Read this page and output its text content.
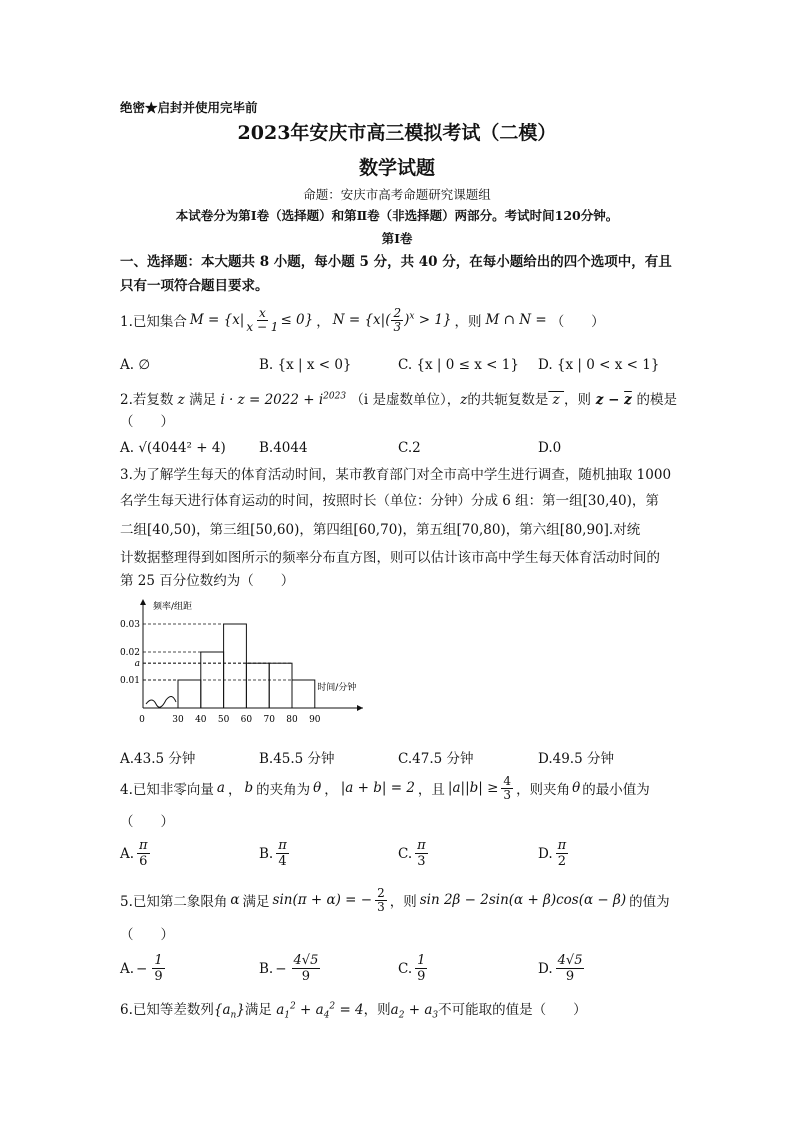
绝密★启封并使用完毕前
2023年安庆市高三模拟考试（二模）
数学试题
命题：安庆市高考命题研究课题组
本试卷分为第Ⅰ卷（选择题）和第Ⅱ卷（非选择题）两部分。考试时间120分钟。
第Ⅰ卷
一、选择题：本大题共 8 小题，每小题 5 分，共 40 分，在每小题给出的四个选项中，有且
只有一项符合题目要求。
1.已知集合 $M = \{x| \frac{x}{x - 1} \le 0\}$ ， $N = \{x|( \frac{2}{3} )^x > 1\}$ ，则 M ∩ N = （　　）
A. ∅	B. {x | x < 0}	C. {x | 0 ≤ x < 1} D. {x | 0 < x < 1}
2.若复数 z 满足 $i \cdot z = 2022 + i^{2023}$ （i 是虚数单位），z的共轭复数是 z ，则 $z - \overline{z}$ 的模是
（　　）
A. √(4044² + 4) B.4044	C.2	D.0
3.为了解学生每天的体育活动时间，某市教育部门对全市高中学生进行调查，随机抽取 1000
名学生每天进行体育运动的时间，按照时长（单位：分钟）分成 6 组：第一组[30,40)，第
二组[40,50)，第三组[50,60)，第四组[60,70)，第五组[70,80)，第六组[80,90].对统
计数据整理得到如图所示的频率分布直方图，则可以估计该市高中学生每天体育活动时间的
第 25 百分位数约为（　　）
0.03
0.02
a
0.01
0	30 40 50 60 70 80 90
频率/组距
时间/分钟
A.43.5 分钟	B.45.5 分钟	C.47.5 分钟	D.49.5 分钟
4.已知非零向量 a ， b 的夹角为 θ ， |a + b| = 2 ，且 |a||b| ≥ 4
3 ，则夹角 θ 的最小值为
（　　）
A. $\frac{\pi}{6}$	B. $\frac{\pi}{4}$	C. $\frac{\pi}{3}$	D. $\frac{\pi}{2}$
5.已知第二象限角 α 满足 sin(π + α) = − 2
3 ，则 sin 2β − 2sin(α + β)cos(α − β) 的值为
（　　）
A. − $\frac{1}{9}$	B. − $\frac{4√5}{9}$	C. $\frac{1}{9}$	D. $\frac{4√5}{9}$
6.已知等差数列$\{a_n\}$满足 $a_1^2 + a_4^2 = 4$，则$a_2 + a_3$不可能取的值是（　　）
